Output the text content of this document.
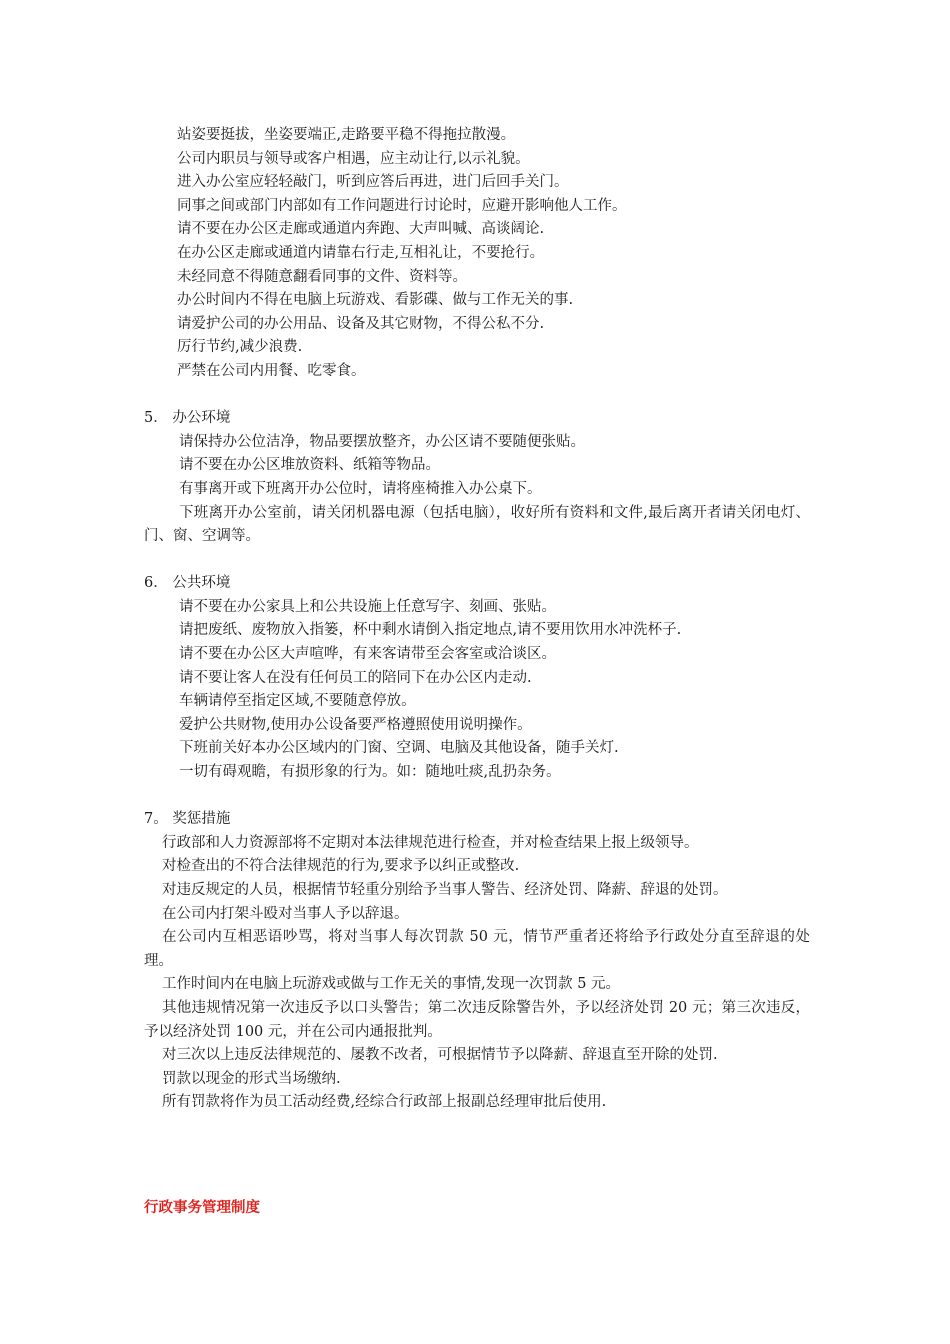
站姿要挺拔，坐姿要端正,走路要平稳不得拖拉散漫。

公司内职员与领导或客户相遇，应主动让行,以示礼貌。

进入办公室应轻轻敲门，听到应答后再进，进门后回手关门。

同事之间或部门内部如有工作问题进行讨论时，应避开影响他人工作。

请不要在办公区走廊或通道内奔跑、大声叫喊、高谈阔论.

在办公区走廊或通道内请靠右行走,互相礼让，不要抢行。

未经同意不得随意翻看同事的文件、资料等。

办公时间内不得在电脑上玩游戏、看影碟、做与工作无关的事.

请爱护公司的办公用品、设备及其它财物，不得公私不分.

厉行节约,减少浪费.

严禁在公司内用餐、吃零食。

5． 办公环境

请保持办公位洁净，物品要摆放整齐，办公区请不要随便张贴。

请不要在办公区堆放资料、纸箱等物品。

有事离开或下班离开办公位时，请将座椅推入办公桌下。

下班离开办公室前，请关闭机器电源（包括电脑），收好所有资料和文件,最后离开者请关闭电灯、门、窗、空调等。

6． 公共环境

请不要在办公家具上和公共设施上任意写字、刻画、张贴。

请把废纸、废物放入指篓，杯中剩水请倒入指定地点,请不要用饮用水冲洗杯子.

请不要在办公区大声喧哗，有来客请带至会客室或洽谈区。

请不要让客人在没有任何员工的陪同下在办公区内走动.

车辆请停至指定区域,不要随意停放。

爱护公共财物,使用办公设备要严格遵照使用说明操作。

下班前关好本办公区域内的门窗、空调、电脑及其他设备，随手关灯.

一切有碍观瞻，有损形象的行为。如：随地吐痰,乱扔杂务。

7。 奖惩措施

行政部和人力资源部将不定期对本法律规范进行检查，并对检查结果上报上级领导。

对检查出的不符合法律规范的行为,要求予以纠正或整改.

对违反规定的人员，根据情节轻重分别给予当事人警告、经济处罚、降薪、辞退的处罚。

在公司内打架斗殴对当事人予以辞退。

在公司内互相恶语吵骂，将对当事人每次罚款 50 元，情节严重者还将给予行政处分直至辞退的处理。

工作时间内在电脑上玩游戏或做与工作无关的事情,发现一次罚款 5 元。

其他违规情况第一次违反予以口头警告；第二次违反除警告外，予以经济处罚 20 元；第三次违反，予以经济处罚 100 元，并在公司内通报批判。

对三次以上违反法律规范的、屡教不改者，可根据情节予以降薪、辞退直至开除的处罚.

罚款以现金的形式当场缴纳.

所有罚款将作为员工活动经费,经综合行政部上报副总经理审批后使用.

行政事务管理制度
